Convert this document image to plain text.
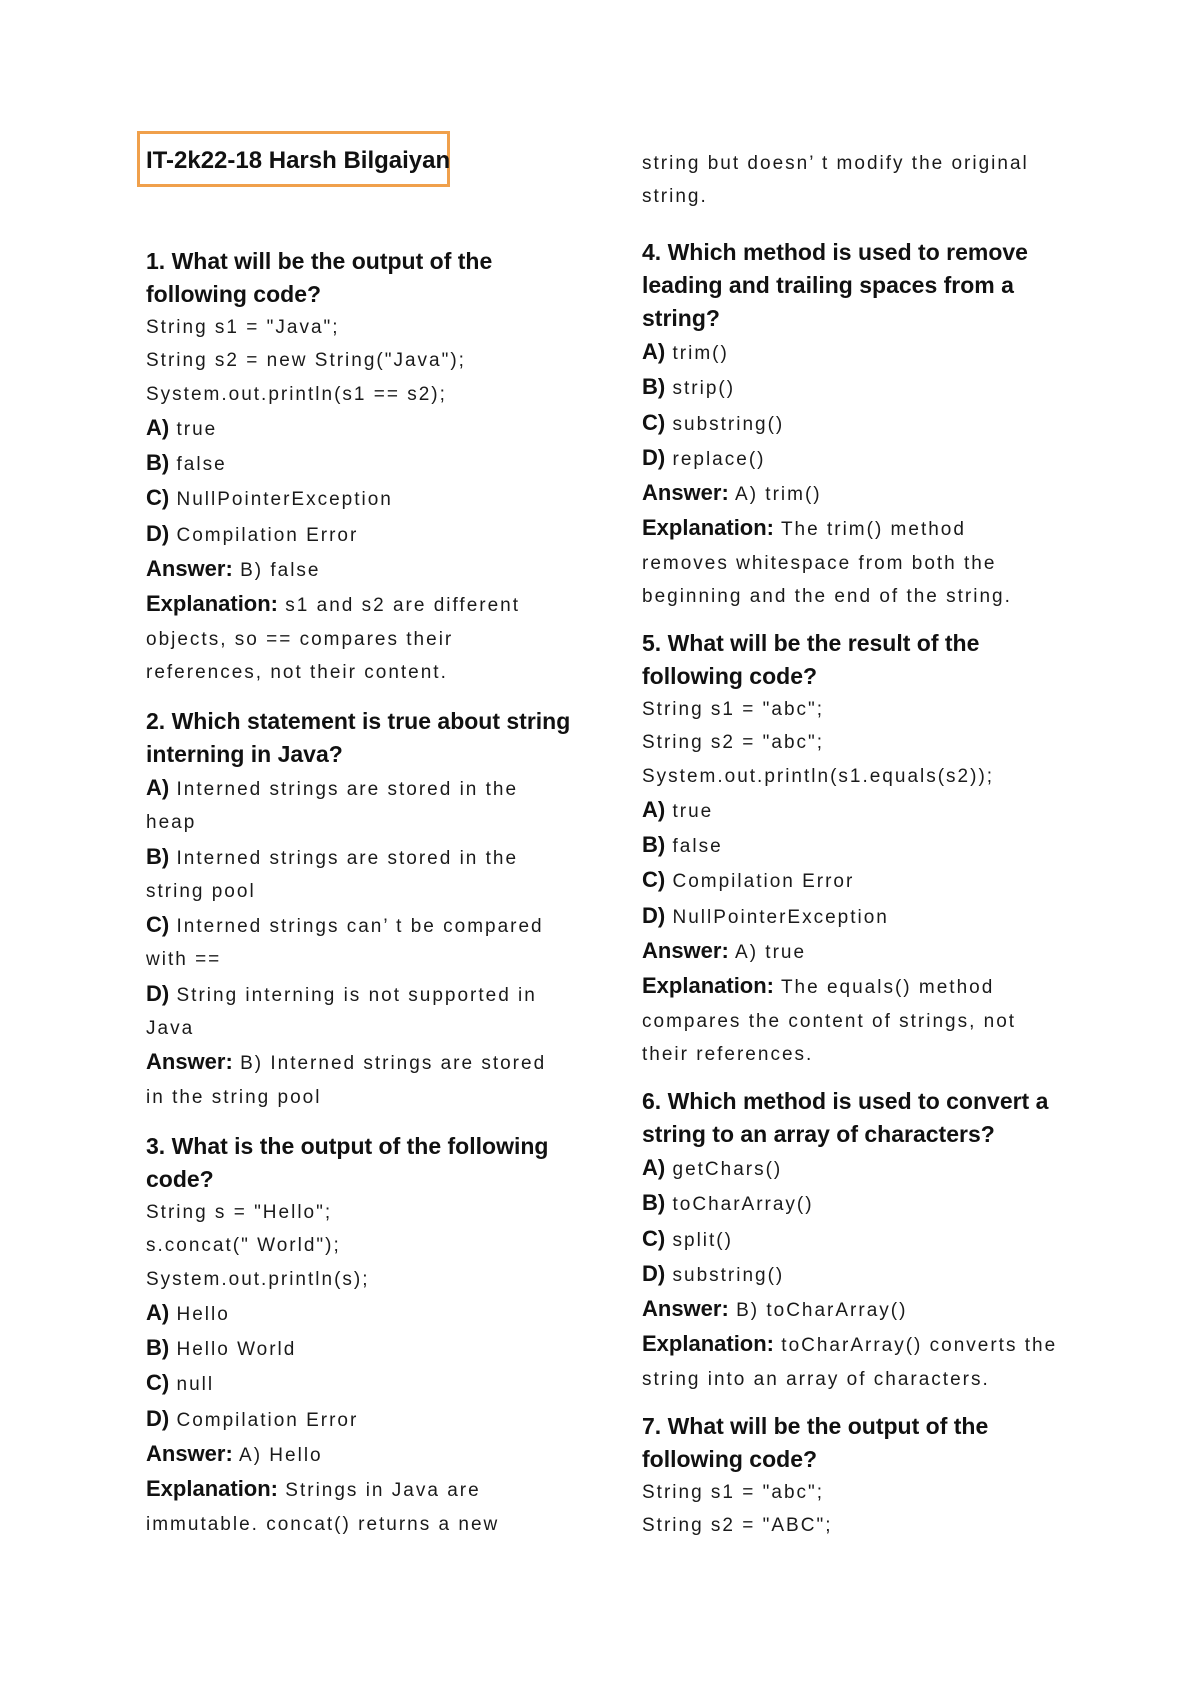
IT-2k22-18 Harsh Bilgaiyan
1. What will be the output of the
following code?
String s1 = "Java";
String s2 = new String("Java");
System.out.println(s1 == s2);
A) true
B) false
C) NullPointerException
D) Compilation Error
Answer: B) false
Explanation: s1 and s2 are different
objects, so == compares their
references, not their content.
2. Which statement is true about string
interning in Java?
A) Interned strings are stored in the
heap
B) Interned strings are stored in the
string pool
C) Interned strings can’ t be compared
with ==
D) String interning is not supported in
Java
Answer: B) Interned strings are stored
in the string pool
3. What is the output of the following
code?
String s = "Hello";
s.concat(" World");
System.out.println(s);
A) Hello
B) Hello World
C) null
D) Compilation Error
Answer: A) Hello
Explanation: Strings in Java are
immutable. concat() returns a new
string but doesn’ t modify the original
string.
4. Which method is used to remove
leading and trailing spaces from a
string?
A) trim()
B) strip()
C) substring()
D) replace()
Answer: A) trim()
Explanation: The trim() method
removes whitespace from both the
beginning and the end of the string.
5. What will be the result of the
following code?
String s1 = "abc";
String s2 = "abc";
System.out.println(s1.equals(s2));
A) true
B) false
C) Compilation Error
D) NullPointerException
Answer: A) true
Explanation: The equals() method
compares the content of strings, not
their references.
6. Which method is used to convert a
string to an array of characters?
A) getChars()
B) toCharArray()
C) split()
D) substring()
Answer: B) toCharArray()
Explanation: toCharArray() converts the
string into an array of characters.
7. What will be the output of the
following code?
String s1 = "abc";
String s2 = "ABC";
